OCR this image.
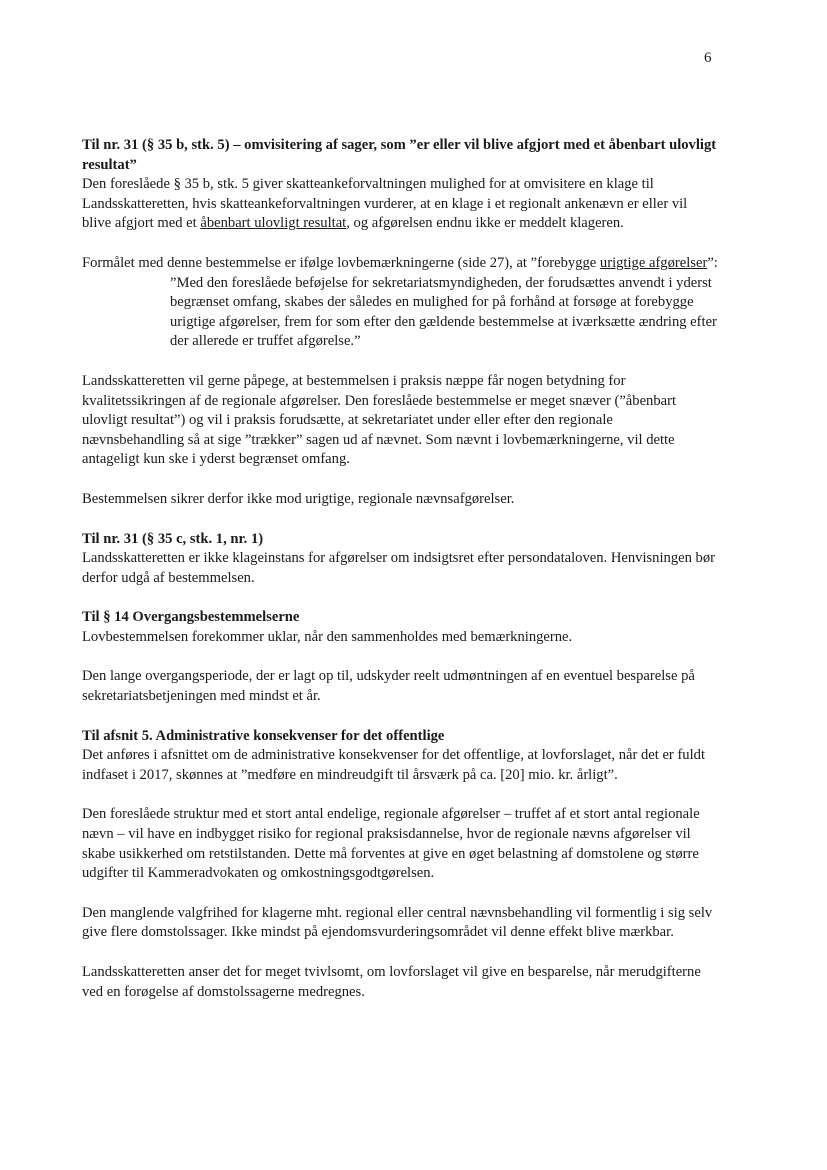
6
Til nr. 31 (§ 35 b, stk. 5) – omvisitering af sager, som ”er eller vil blive afgjort med et åbenbart ulovligt resultat”

Den foreslåede § 35 b, stk. 5 giver skatteankeforvaltningen mulighed for at omvisitere en klage til Landsskatteretten, hvis skatteankeforvaltningen vurderer, at en klage i et regionalt ankenævn er eller vil blive afgjort med et åbenbart ulovligt resultat, og afgørelsen endnu ikke er meddelt klageren.

Formålet med denne bestemmelse er ifølge lovbemærkningerne (side 27), at ”forebygge urigtige afgørelser”:

”Med den foreslåede beføjelse for sekretariatsmyndigheden, der forudsættes anvendt i yderst begrænset omfang, skabes der således en mulighed for på forhånd at forsøge at forebygge urigtige afgørelser, frem for som efter den gældende bestemmelse at iværksætte ændring efter der allerede er truffet afgørelse.”

Landsskatteretten vil gerne påpege, at bestemmelsen i praksis næppe får nogen betydning for kvalitetssikringen af de regionale afgørelser. Den foreslåede bestemmelse er meget snæver (”åbenbart ulovligt resultat”) og vil i praksis forudsætte, at sekretariatet under eller efter den regionale nævnsbehandling så at sige ”trækker” sagen ud af nævnet. Som nævnt i lovbemærkningerne, vil dette antageligt kun ske i yderst begrænset omfang.

Bestemmelsen sikrer derfor ikke mod urigtige, regionale nævnsafgørelser.

Til nr. 31 (§ 35 c, stk. 1, nr. 1)

Landsskatteretten er ikke klageinstans for afgørelser om indsigtsret efter persondataloven. Henvisningen bør derfor udgå af bestemmelsen.

Til § 14 Overgangsbestemmelserne

Lovbestemmelsen forekommer uklar, når den sammenholdes med bemærkningerne.

Den lange overgangsperiode, der er lagt op til, udskyder reelt udmøntningen af en eventuel besparelse på sekretariatsbetjeningen med mindst et år.

Til afsnit 5. Administrative konsekvenser for det offentlige

Det anføres i afsnittet om de administrative konsekvenser for det offentlige, at lovforslaget, når det er fuldt indfaset i 2017, skønnes at ”medføre en mindreudgift til årsværk på ca. [20] mio. kr. årligt”.

Den foreslåede struktur med et stort antal endelige, regionale afgørelser – truffet af et stort antal regionale nævn – vil have en indbygget risiko for regional praksisdannelse, hvor de regionale nævns afgørelser vil skabe usikkerhed om retstilstanden. Dette må forventes at give en øget belastning af domstolene og større udgifter til Kammeradvokaten og omkostningsgodtgørelsen.

Den manglende valgfrihed for klagerne mht. regional eller central nævnsbehandling vil formentlig i sig selv give flere domstolssager. Ikke mindst på ejendomsvurderingsområdet vil denne effekt blive mærkbar.

Landsskatteretten anser det for meget tvivlsomt, om lovforslaget vil give en besparelse, når merudgifterne ved en forøgelse af domstolssagerne medregnes.
